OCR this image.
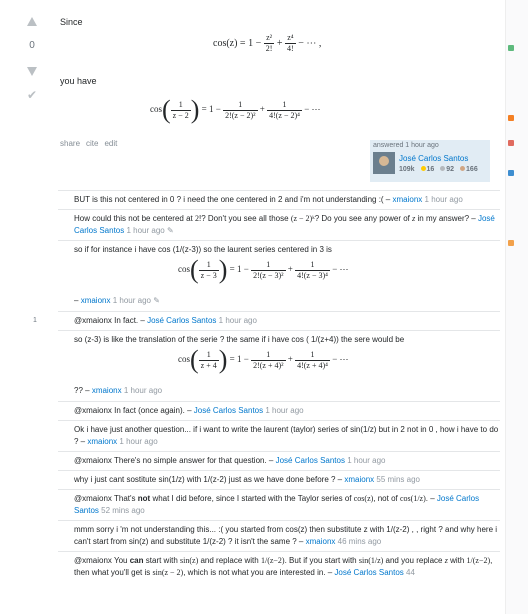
0
✔
Since
$\cos(z) = 1 - \frac{\text{z²}}{2!} + \frac{\text{z⁴}}{4!}$ − ⋯ ,
you have
$\cos( \frac{1}{z - 2}$ ) = $1 - \frac{1}{\text{2!(z − 2)²}} + \frac{1}{\text{4!(z − 2)⁴}}$ − ⋯
share cite edit	answered 1 hour ago
José Carlos Santos
109k 16 92 166
BUT is this not centered in 0 ? i need the one centered in 2 and i'm not understanding :( – xmaionx 1 hour ago
How could this not be centered at 2!? Don't you see all those (z − 2)ᵏ? Do you see any power of z in my answer? – José Carlos Santos 1 hour ago ✎
so if for instance i have cos (1/(z-3)) so the laurent series centered in 3 is
$\cos( \frac{1}{z - 3}$ ) = $1 - \frac{1}{\text{2!(z − 3)²}} + \frac{1}{\text{4!(z − 3)⁴}}$ − ⋯
– xmaionx 1 hour ago ✎
1	@xmaionx In fact. – José Carlos Santos 1 hour ago
so (z-3) is like the translation of the serie ? the same if i have cos ( 1/(z+4)) the sere would be
$\cos( \frac{1}{z + 4}$ ) = $1 - \frac{1}{\text{2!(z + 4)²}} + \frac{1}{\text{4!(z + 4)⁴}}$ − ⋯
?? – xmaionx 1 hour ago
@xmaionx In fact (once again). – José Carlos Santos 1 hour ago
Ok i have just another question... if i want to write the laurent (taylor) series of sin(1/z) but in 2 not in 0 , how i have to do ? – xmaionx 1 hour ago
@xmaionx There's no simple answer for that question. – José Carlos Santos 1 hour ago
why i just cant sostitute sin(1/z) with 1/(z-2) just as we have done before ? – xmaionx 55 mins ago
@xmaionx That's not what I did before, since I started with the Taylor series of cos(z), not of cos(1/z). – José Carlos Santos 52 mins ago
mmm sorry i 'm not understanding this... :( you started from cos(z) then substitute z with 1/(z-2) , , right ? and why here i can't start from sin(z) and substitute 1/(z-2) ? it isn't the same ? – xmaionx 46 mins ago
@xmaionx You can start with sin(z) and replace with 1/(z−2). But if you start with sin(1/z) and you replace z with 1/(z−2), then what you'll get is sin(z − 2), which is not what you are interested in. – José Carlos Santos 44
